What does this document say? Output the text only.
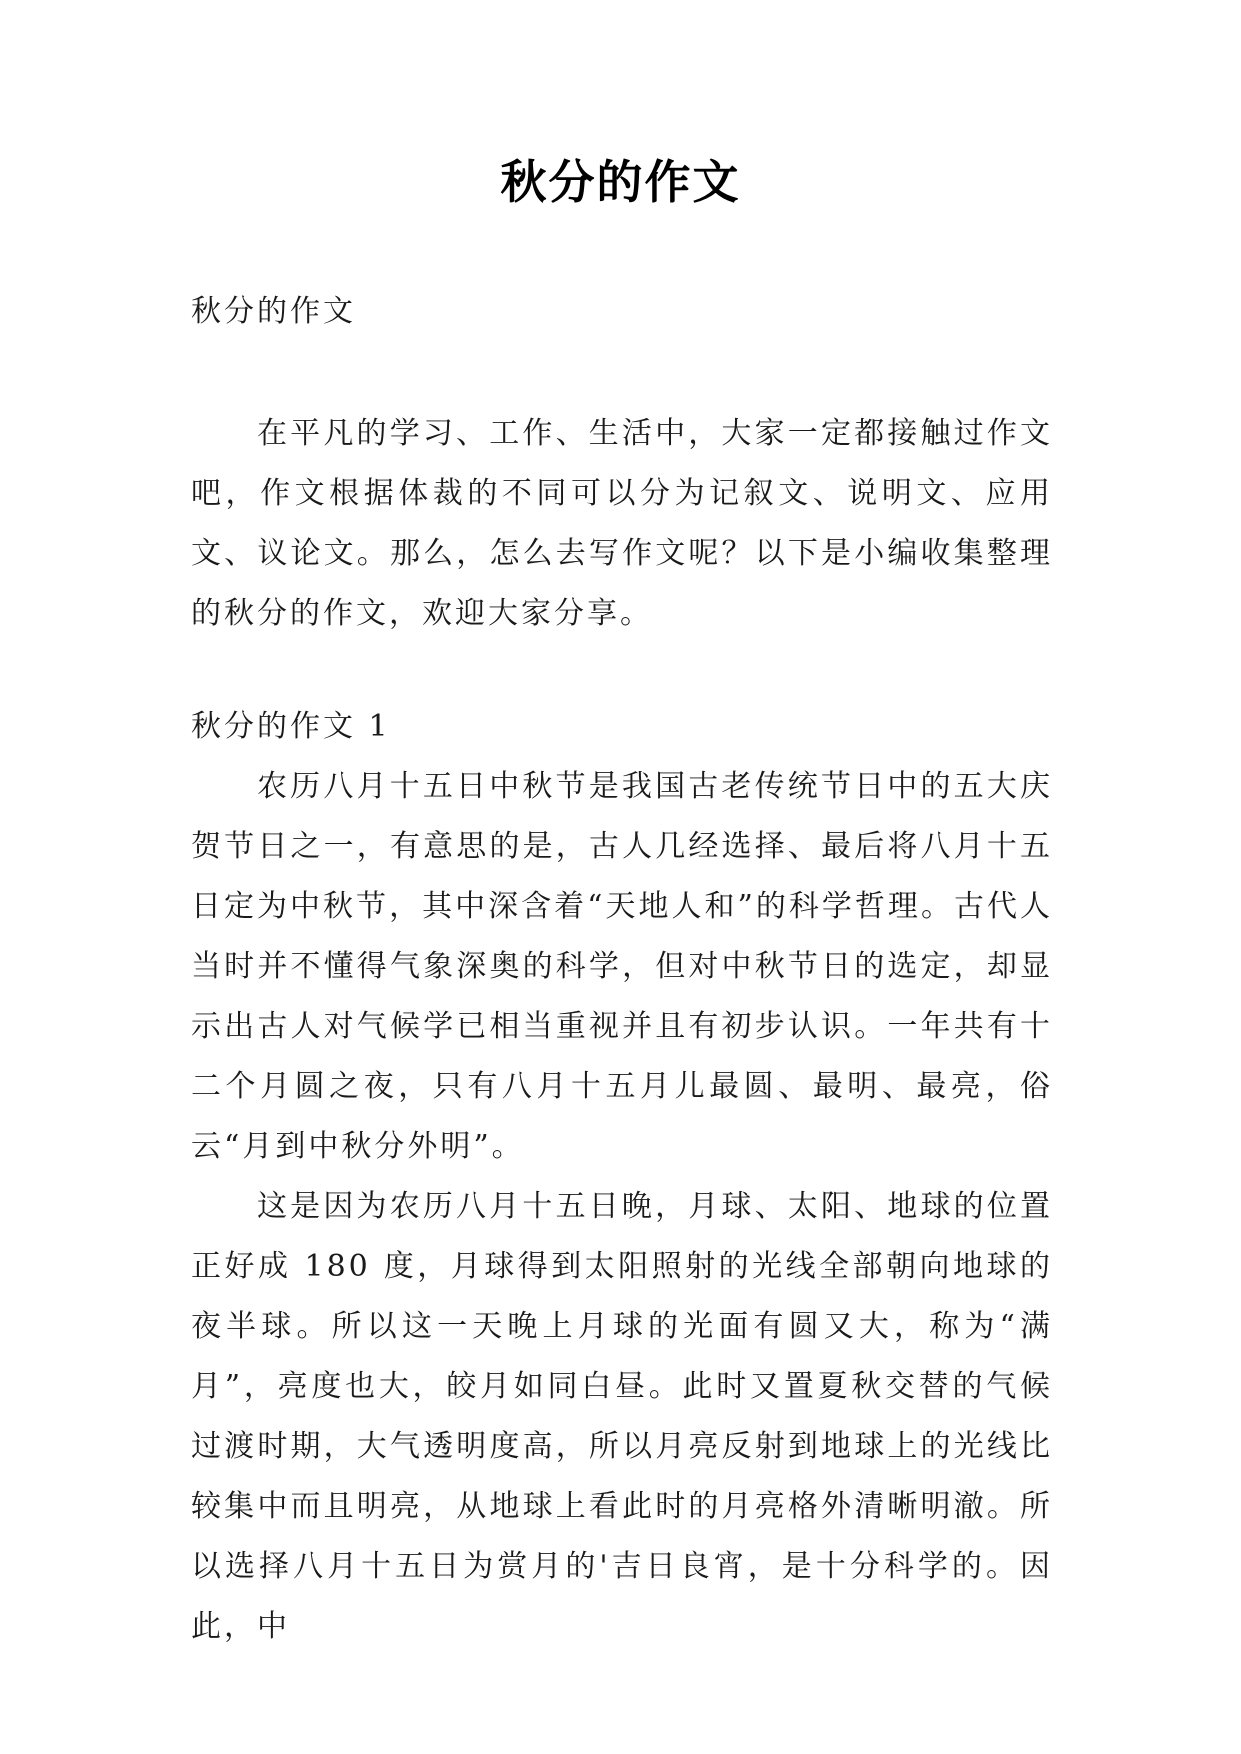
秋分的作文
秋分的作文
在平凡的学习、工作、生活中，大家一定都接触过作文吧，作文根据体裁的不同可以分为记叙文、说明文、应用文、议论文。那么，怎么去写作文呢？以下是小编收集整理的秋分的作文，欢迎大家分享。
秋分的作文 1

农历八月十五日中秋节是我国古老传统节日中的五大庆贺节日之一，有意思的是，古人几经选择、最后将八月十五日定为中秋节，其中深含着“天地人和”的科学哲理。古代人当时并不懂得气象深奥的科学，但对中秋节日的选定，却显示出古人对气候学已相当重视并且有初步认识。一年共有十二个月圆之夜，只有八月十五月儿最圆、最明、最亮，俗云“月到中秋分外明”。

这是因为农历八月十五日晚，月球、太阳、地球的位置正好成 180 度，月球得到太阳照射的光线全部朝向地球的夜半球。所以这一天晚上月球的光面有圆又大，称为“满月”，亮度也大，皎月如同白昼。此时又置夏秋交替的气候过渡时期，大气透明度高，所以月亮反射到地球上的光线比较集中而且明亮，从地球上看此时的月亮格外清晰明澈。所以选择八月十五日为赏月的'吉日良宵，是十分科学的。因此，中
